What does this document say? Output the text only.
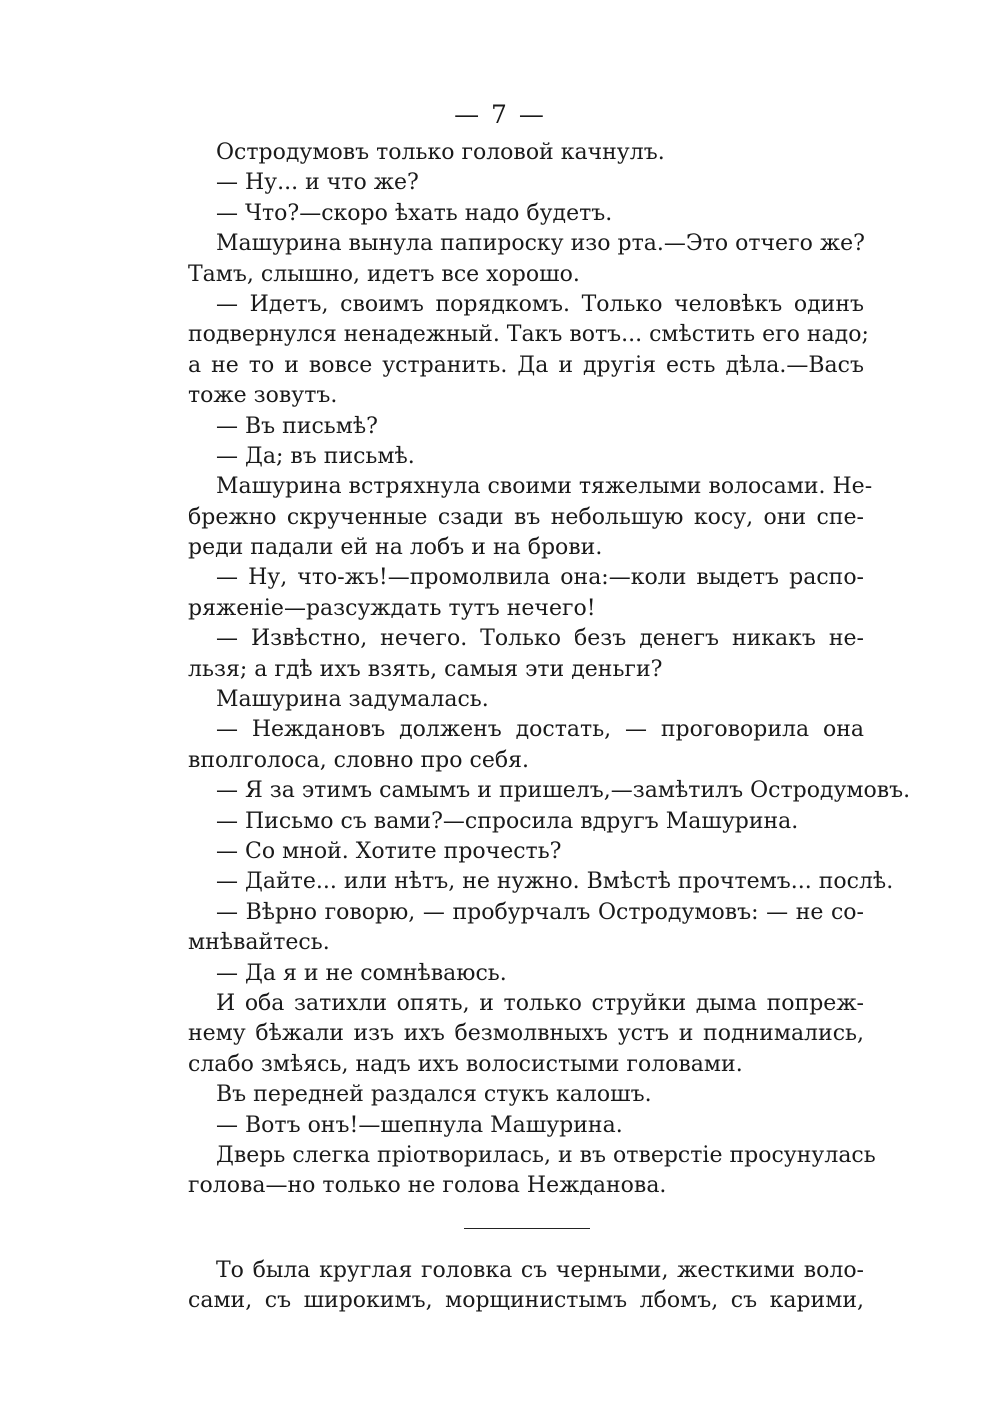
— 7 —
Остродумовъ только головой качнулъ.
— Ну... и что же?
— Что?—скоро ѣхать надо будетъ.
Машурина вынула папироску изо рта.—Это отчего же?
Тамъ, слышно, идетъ все хорошо.
— Идетъ, своимъ порядкомъ. Только человѣкъ одинъ
подвернулся ненадежный. Такъ вотъ... смѣстить его надо;
а не то и вовсе устранить. Да и другія есть дѣла.—Васъ
тоже зовутъ.
— Въ письмѣ?
— Да; въ письмѣ.
Машурина встряхнула своими тяжелыми волосами. Не-
брежно скрученные сзади въ небольшую косу, они спе-
реди падали ей на лобъ и на брови.
— Ну, что-жъ!—промолвила она:—коли выдетъ распо-
ряженіе—разсуждать тутъ нечего!
— Извѣстно, нечего. Только безъ денегъ никакъ не-
льзя; а гдѣ ихъ взять, самыя эти деньги?
Машурина задумалась.
— Неждановъ долженъ достать, — проговорила она
вполголоса, словно про себя.
— Я за этимъ самымъ и пришелъ,—замѣтилъ Остродумовъ.
— Письмо съ вами?—спросила вдругъ Машурина.
— Со мной. Хотите прочесть?
— Дайте... или нѣтъ, не нужно. Вмѣстѣ прочтемъ... послѣ.
— Вѣрно говорю, — пробурчалъ Остродумовъ: — не со-
мнѣвайтесь.
— Да я и не сомнѣваюсь.
И оба затихли опять, и только струйки дыма попреж-
нему бѣжали изъ ихъ безмолвныхъ устъ и поднимались,
слабо змѣясь, надъ ихъ волосистыми головами.
Въ передней раздался стукъ калошъ.
— Вотъ онъ!—шепнула Машурина.
Дверь слегка пріотворилась, и въ отверстіе просунулась
голова—но только не голова Нежданова.
То была круглая головка съ черными, жесткими воло-
сами, съ широкимъ, морщинистымъ лбомъ, съ карими,
